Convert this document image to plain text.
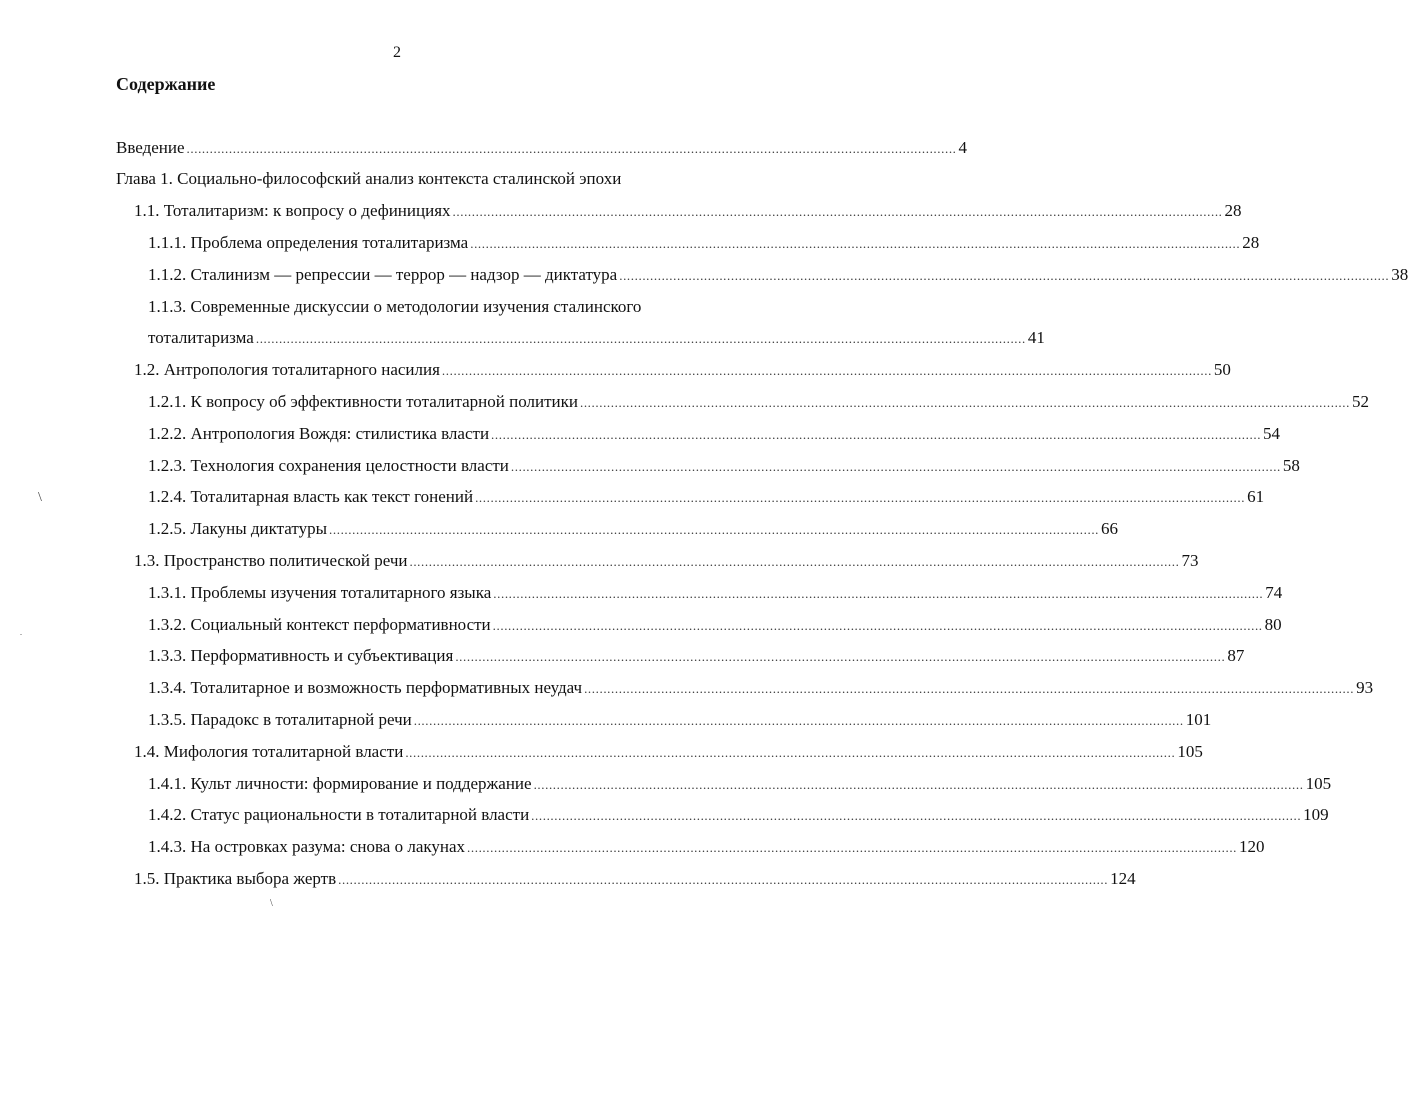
2
Содержание
Введение ........................................................................................................................................................................................................ 4
Глава 1. Социально-философский анализ контекста сталинской эпохи
1.1. Тоталитаризм: к вопросу о дефинициях ........................................................................................................................................................................................................ 28
1.1.1. Проблема определения тоталитаризма ........................................................................................................................................................................................................ 28
1.1.2. Сталинизм — репрессии — террор — надзор — диктатура ........................................................................................................................................................................................................ 38
1.1.3. Современные дискуссии о методологии изучения сталинского
тоталитаризма ........................................................................................................................................................................................................ 41
1.2. Антропология тоталитарного насилия ........................................................................................................................................................................................................ 50
1.2.1. К вопросу об эффективности тоталитарной политики ........................................................................................................................................................................................................ 52
1.2.2. Антропология Вождя: стилистика власти ........................................................................................................................................................................................................ 54
1.2.3. Технология сохранения целостности власти ........................................................................................................................................................................................................ 58
1.2.4. Тоталитарная власть как текст гонений ........................................................................................................................................................................................................ 61
1.2.5. Лакуны диктатуры ........................................................................................................................................................................................................ 66
1.3. Пространство политической речи ........................................................................................................................................................................................................ 73
1.3.1. Проблемы изучения тоталитарного языка ........................................................................................................................................................................................................ 74
1.3.2. Социальный контекст перформативности ........................................................................................................................................................................................................ 80
1.3.3. Перформативность и субъективация ........................................................................................................................................................................................................ 87
1.3.4. Тоталитарное и возможность перформативных неудач ........................................................................................................................................................................................................ 93
1.3.5. Парадокс в тоталитарной речи ........................................................................................................................................................................................................ 101
1.4. Мифология тоталитарной власти ........................................................................................................................................................................................................ 105
1.4.1. Культ личности: формирование и поддержание ........................................................................................................................................................................................................ 105
1.4.2. Статус рациональности в тоталитарной власти ........................................................................................................................................................................................................ 109
1.4.3. На островках разума: снова о лакунах ........................................................................................................................................................................................................ 120
1.5. Практика выбора жертв ........................................................................................................................................................................................................ 124
\
.
\
